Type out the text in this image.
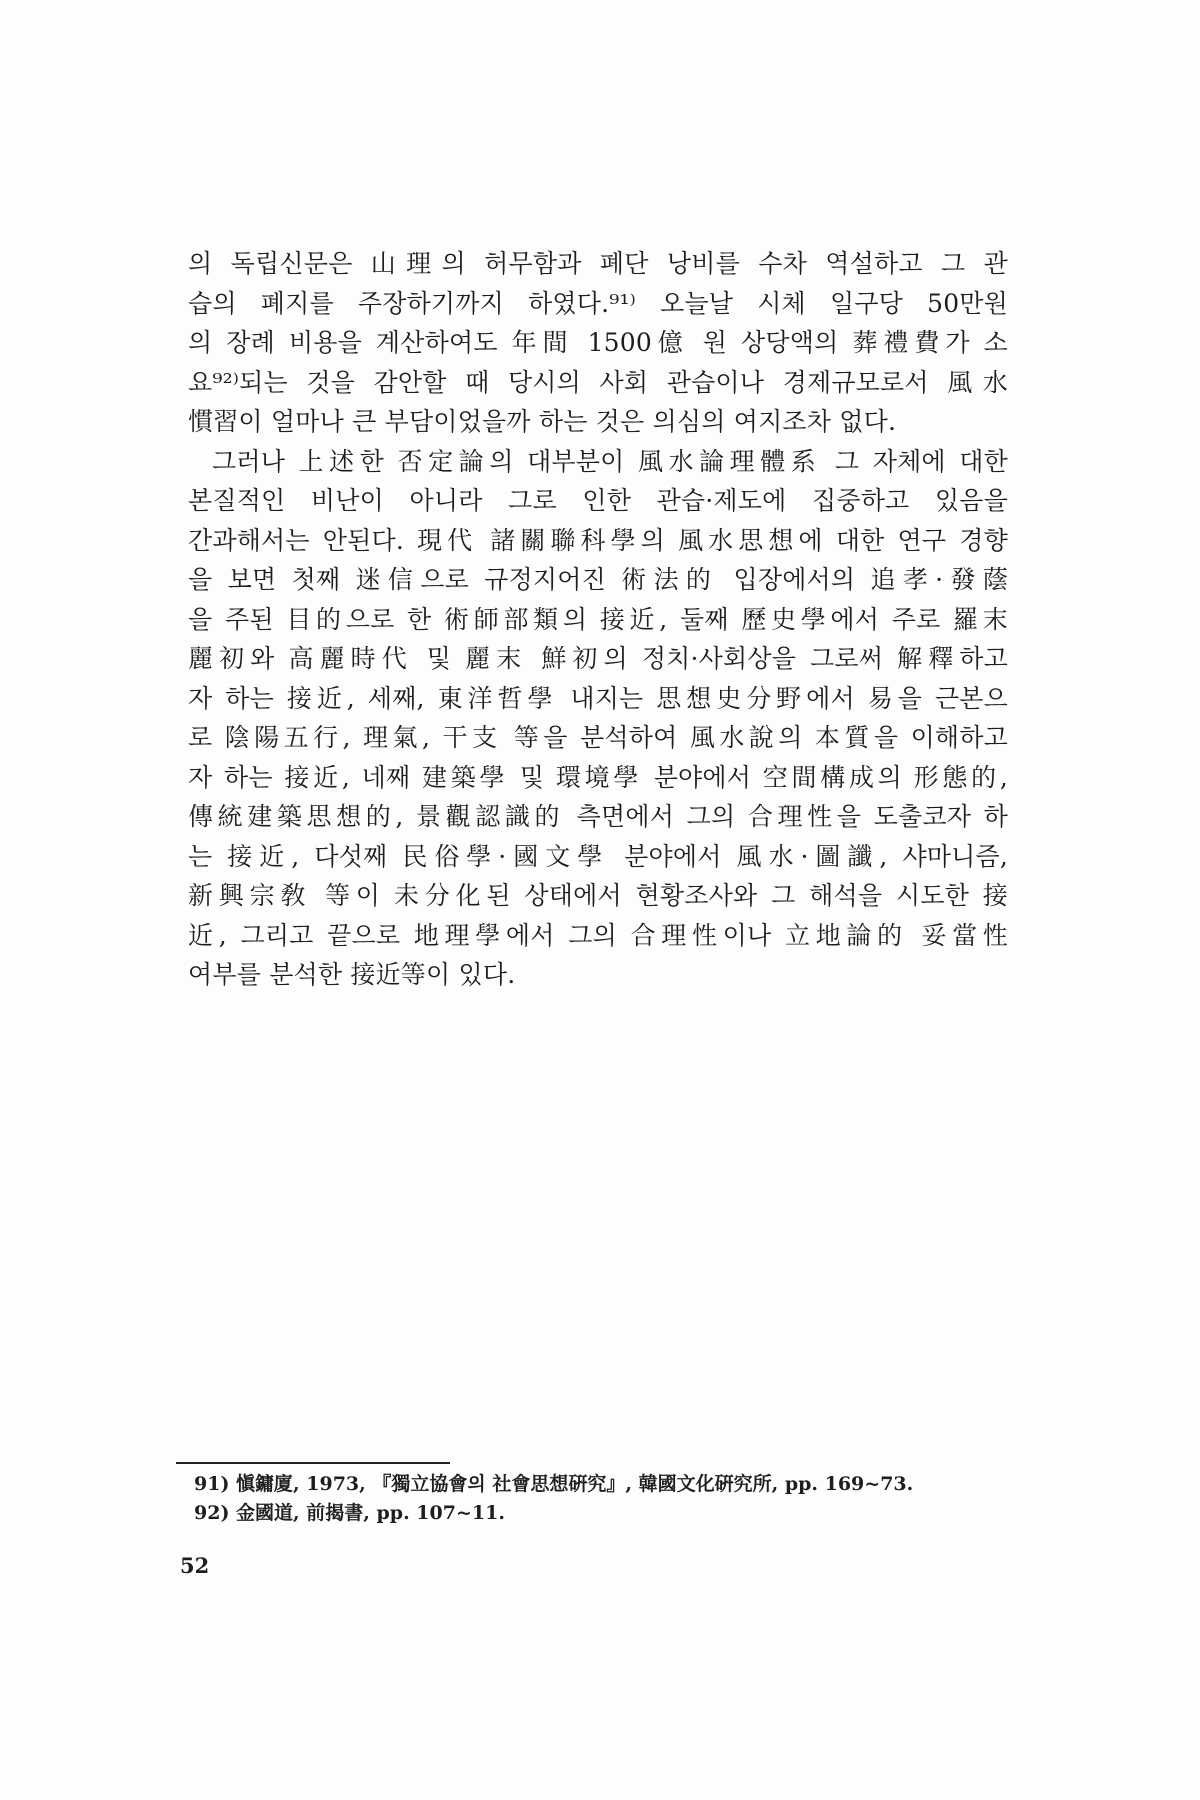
의 독립신문은 山理의 허무함과 폐단 낭비를 수차 역설하고 그 관
습의 폐지를 주장하기까지 하였다.⁹¹⁾ 오늘날 시체 일구당 50만원
의 장례 비용을 계산하여도 年間 1500億 원 상당액의 葬禮費가 소
요⁹²⁾되는 것을 감안할 때 당시의 사회 관습이나 경제규모로서 風水
慣習이 얼마나 큰 부담이었을까 하는 것은 의심의 여지조차 없다.
그러나 上述한 否定論의 대부분이 風水論理體系 그 자체에 대한
본질적인 비난이 아니라 그로 인한 관습·제도에 집중하고 있음을
간과해서는 안된다. 現代 諸關聯科學의 風水思想에 대한 연구 경향
을 보면 첫째 迷信으로 규정지어진 術法的 입장에서의 追孝·發蔭
을 주된 目的으로 한 術師部類의 接近, 둘째 歷史學에서 주로 羅末
麗初와 高麗時代 및 麗末 鮮初의 정치·사회상을 그로써 解釋하고
자 하는 接近, 세째, 東洋哲學 내지는 思想史分野에서 易을 근본으
로 陰陽五行, 理氣, 干支 等을 분석하여 風水說의 本質을 이해하고
자 하는 接近, 네째 建築學 및 環境學 분야에서 空間構成의 形態的,
傳統建築思想的, 景觀認識的 측면에서 그의 合理性을 도출코자 하
는 接近, 다섯째 民俗學·國文學 분야에서 風水·圖讖, 샤마니즘,
新興宗敎 等이 未分化된 상태에서 현황조사와 그 해석을 시도한 接
近, 그리고 끝으로 地理學에서 그의 合理性이나 立地論的 妥當性
여부를 분석한 接近等이 있다.
91) 愼鏞廈, 1973, 『獨立協會의 社會思想硏究』, 韓國文化硏究所, pp. 169~73.
92) 金國道, 前揭書, pp. 107~11.
52
